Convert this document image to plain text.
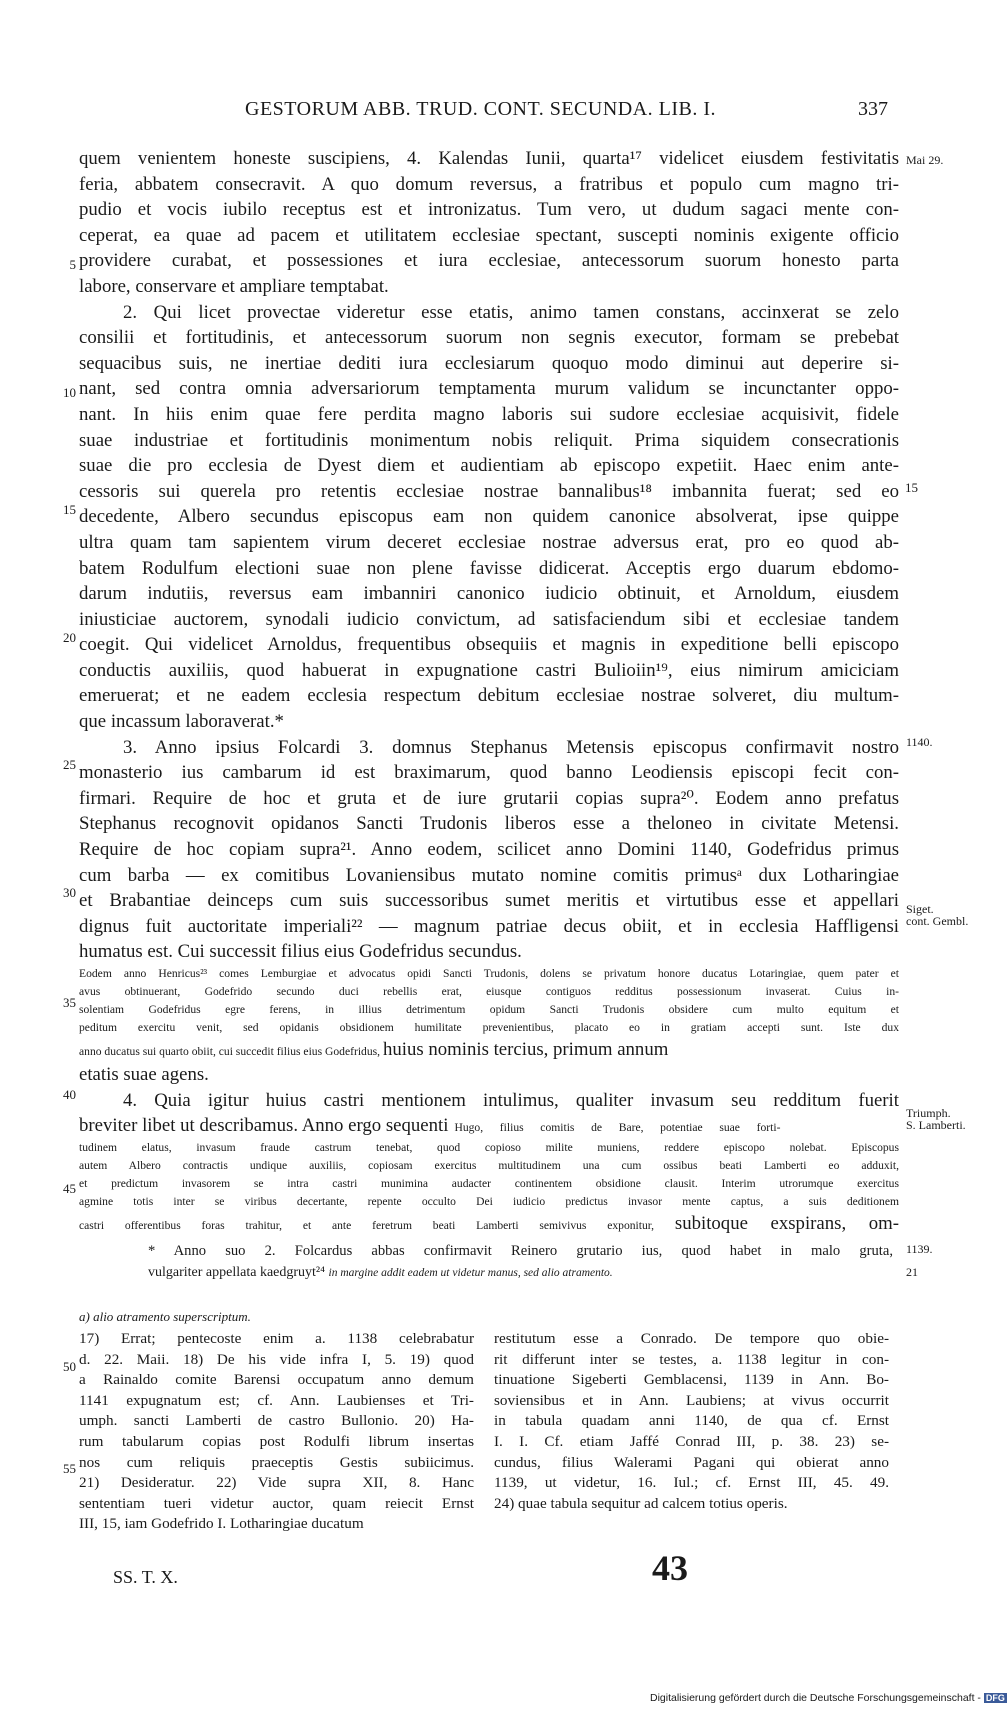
GESTORUM ABB. TRUD. CONT. SECUNDA. LIB. I.	337
quem venientem honeste suscipiens, 4. Kalendas Iunii, quarta¹⁷ videlicet eiusdem festivitatis
feria, abbatem consecravit. A quo domum reversus, a fratribus et populo cum magno tri-
pudio et vocis iubilo receptus est et intronizatus. Tum vero, ut dudum sagaci mente con-
ceperat, ea quae ad pacem et utilitatem ecclesiae spectant, suscepti nominis exigente officio
providere curabat, et possessiones et iura ecclesiae, antecessorum suorum honesto parta
labore, conservare et ampliare temptabat.
2. Qui licet provectae videretur esse etatis, animo tamen constans, accinxerat se zelo
consilii et fortitudinis, et antecessorum suorum non segnis executor, formam se prebebat
sequacibus suis, ne inertiae dediti iura ecclesiarum quoquo modo diminui aut deperire si-
nant, sed contra omnia adversariorum temptamenta murum validum se incunctanter oppo-
nant. In hiis enim quae fere perdita magno laboris sui sudore ecclesiae acquisivit, fidele
suae industriae et fortitudinis monimentum nobis reliquit. Prima siquidem consecrationis
suae die pro ecclesia de Dyest diem et audientiam ab episcopo expetiit. Haec enim ante-
cessoris sui querela pro retentis ecclesiae nostrae bannalibus¹⁸ imbannita fuerat; sed eo
decedente, Albero secundus episcopus eam non quidem canonice absolverat, ipse quippe
ultra quam tam sapientem virum deceret ecclesiae nostrae adversus erat, pro eo quod ab-
batem Rodulfum electioni suae non plene favisse didicerat. Acceptis ergo duarum ebdomo-
darum indutiis, reversus eam imbanniri canonico iudicio obtinuit, et Arnoldum, eiusdem
iniusticiae auctorem, synodali iudicio convictum, ad satisfaciendum sibi et ecclesiae tandem
coegit. Qui videlicet Arnoldus, frequentibus obsequiis et magnis in expeditione belli episcopo
conductis auxiliis, quod habuerat in expugnatione castri Bulioiin¹⁹, eius nimirum amiciciam
emeruerat; et ne eadem ecclesia respectum debitum ecclesiae nostrae solveret, diu multum-
que incassum laboraverat.*
3. Anno ipsius Folcardi 3. domnus Stephanus Metensis episcopus confirmavit nostro
monasterio ius cambarum id est braximarum, quod banno Leodiensis episcopi fecit con-
firmari. Require de hoc et gruta et de iure grutarii copias supra²⁰. Eodem anno prefatus
Stephanus recognovit opidanos Sancti Trudonis liberos esse a theloneo in civitate Metensi.
Require de hoc copiam supra²¹. Anno eodem, scilicet anno Domini 1140, Godefridus primus
cum barba — ex comitibus Lovaniensibus mutato nomine comitis primusᵃ dux Lotharingiae
et Brabantiae deinceps cum suis successoribus sumet meritis et virtutibus esse et appellari
dignus fuit auctoritate imperiali²² — magnum patriae decus obiit, et in ecclesia Haffligensi
humatus est. Cui successit filius eius Godefridus secundus.
Eodem anno Henricus²³ comes Lemburgiae et advocatus opidi Sancti Trudonis, dolens se privatum honore ducatus Lotaringiae, quem pater et
avus obtinuerant, Godefrido secundo duci rebellis erat, eiusque contiguos redditus possessionum invaserat. Cuius in-
solentiam Godefridus egre ferens, in illius detrimentum opidum Sancti Trudonis obsidere cum multo equitum et
peditum exercitu venit, sed opidanis obsidionem humilitate prevenientibus, placato eo in gratiam accepti sunt. Iste dux
anno ducatus sui quarto obiit, cui succedit filius eius Godefridus, huius nominis tercius, primum annum
etatis suae agens.
4. Quia igitur huius castri mentionem intulimus, qualiter invasum seu redditum fuerit
breviter libet ut describamus. Anno ergo sequenti Hugo, filius comitis de Bare, potentiae suae forti-
tudinem elatus, invasum fraude castrum tenebat, quod copioso milite muniens, reddere episcopo nolebat. Episcopus
autem Albero contractis undique auxiliis, copiosam exercitus multitudinem una cum ossibus beati Lamberti eo adduxit,
et predictum invasorem se intra castri munimina audacter continentem obsidione clausit. Interim utrorumque exercitus
agmine totis inter se viribus decertante, repente occulto Dei iudicio predictus invasor mente captus, a suis deditionem
castri offerentibus foras trahitur, et ante feretrum beati Lamberti semivivus exponitur, subitoque exspirans, om-
5
10
15
20
25
30
35
40
45
50
55
15
Mai 29.
1140.
Siget.
cont. Gembl.
Triumph.
S. Lamberti.
1139.
21
* Anno suo 2. Folcardus abbas confirmavit Reinero grutario ius, quod habet in malo gruta,
vulgariter appellata kaedgruyt²⁴ in margine addit eadem ut videtur manus, sed alio atramento.
a) alio atramento superscriptum.
17) Errat; pentecoste enim a. 1138 celebrabatur
d. 22. Maii. 18) De his vide infra I, 5. 19) quod
a Rainaldo comite Barensi occupatum anno demum
1141 expugnatum est; cf. Ann. Laubienses et Tri-
umph. sancti Lamberti de castro Bullonio. 20) Ha-
rum tabularum copias post Rodulfi librum insertas
nos cum reliquis praeceptis Gestis subiicimus.
21) Desideratur. 22) Vide supra XII, 8. Hanc
sententiam tueri videtur auctor, quam reiecit Ernst
III, 15, iam Godefrido I. Lotharingiae ducatum
restitutum esse a Conrado. De tempore quo obie-
rit differunt inter se testes, a. 1138 legitur in con-
tinuatione Sigeberti Gemblacensi, 1139 in Ann. Bo-
soviensibus et in Ann. Laubiens; at vivus occurrit
in tabula quadam anni 1140, de qua cf. Ernst
I. I. Cf. etiam Jaffé Conrad III, p. 38. 23) se-
cundus, filius Walerami Pagani qui obierat anno
1139, ut videtur, 16. Iul.; cf. Ernst III, 45. 49.
24) quae tabula sequitur ad calcem totius operis.
SS. T. X.	43
Digitalisierung gefördert durch die Deutsche Forschungsgemeinschaft - DFG
